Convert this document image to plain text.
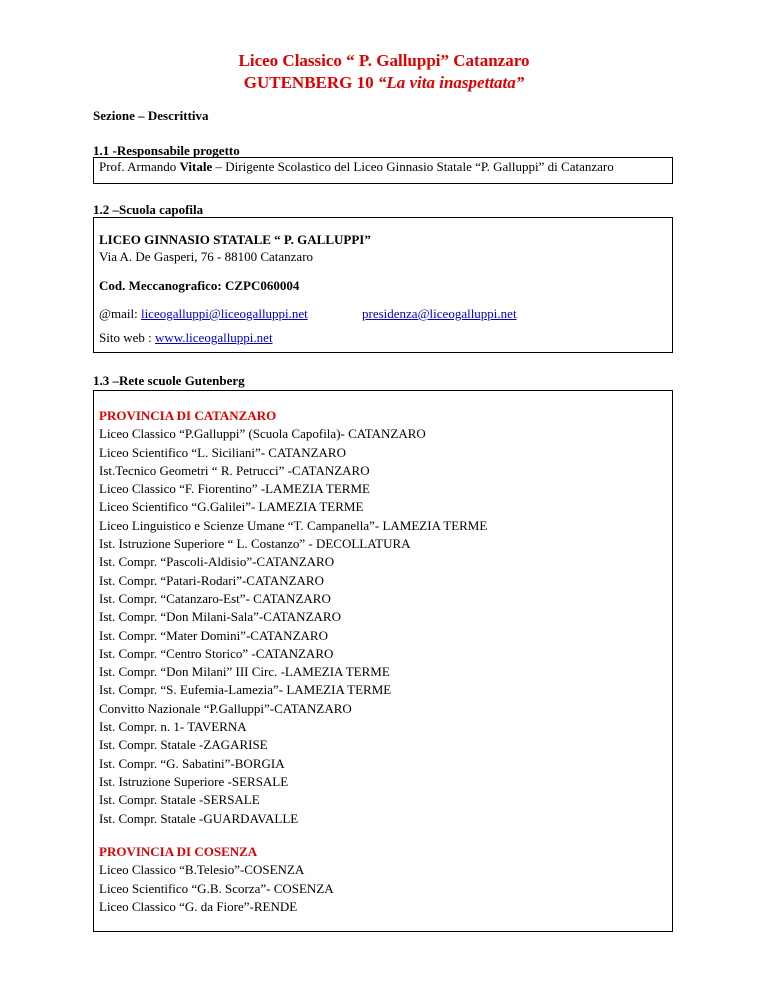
Liceo Classico “ P. Galluppi” Catanzaro
GUTENBERG 10 “La vita inaspettata”
Sezione – Descrittiva
1.1 -Responsabile progetto
Prof. Armando Vitale – Dirigente Scolastico del Liceo Ginnasio Statale “P. Galluppi” di Catanzaro
1.2 –Scuola capofila
LICEO GINNASIO STATALE “ P. GALLUPPI”
Via A. De Gasperi, 76 - 88100 Catanzaro
Cod. Meccanografico: CZPC060004
@mail: liceogalluppi@liceogalluppi.net	presidenza@liceogalluppi.net
Sito web : www.liceogalluppi.net
1.3 –Rete scuole Gutenberg
PROVINCIA DI CATANZARO
Liceo Classico “P.Galluppi” (Scuola Capofila)- CATANZARO
Liceo Scientifico “L. Siciliani”- CATANZARO
Ist.Tecnico Geometri “ R. Petrucci” -CATANZARO
Liceo Classico “F. Fiorentino” -LAMEZIA TERME
Liceo Scientifico “G.Galilei”- LAMEZIA TERME
Liceo Linguistico e Scienze Umane “T. Campanella”- LAMEZIA TERME
Ist. Istruzione Superiore “ L. Costanzo” - DECOLLATURA
Ist. Compr. “Pascoli-Aldisio”-CATANZARO
Ist. Compr. “Patari-Rodari”-CATANZARO
Ist. Compr. “Catanzaro-Est”- CATANZARO
Ist. Compr. “Don Milani-Sala”-CATANZARO
Ist. Compr. “Mater Domini”-CATANZARO
Ist. Compr. “Centro Storico” -CATANZARO
Ist. Compr. “Don Milani” III Circ. -LAMEZIA TERME
Ist. Compr. “S. Eufemia-Lamezia”- LAMEZIA TERME
Convitto Nazionale “P.Galluppi”-CATANZARO
Ist. Compr. n. 1- TAVERNA
Ist. Compr. Statale -ZAGARISE
Ist. Compr. “G. Sabatini”-BORGIA
Ist. Istruzione Superiore -SERSALE
Ist. Compr. Statale -SERSALE
Ist. Compr. Statale -GUARDAVALLE
PROVINCIA DI COSENZA
Liceo Classico “B.Telesio”-COSENZA
Liceo Scientifico “G.B. Scorza”- COSENZA
Liceo Classico “G. da Fiore”-RENDE
